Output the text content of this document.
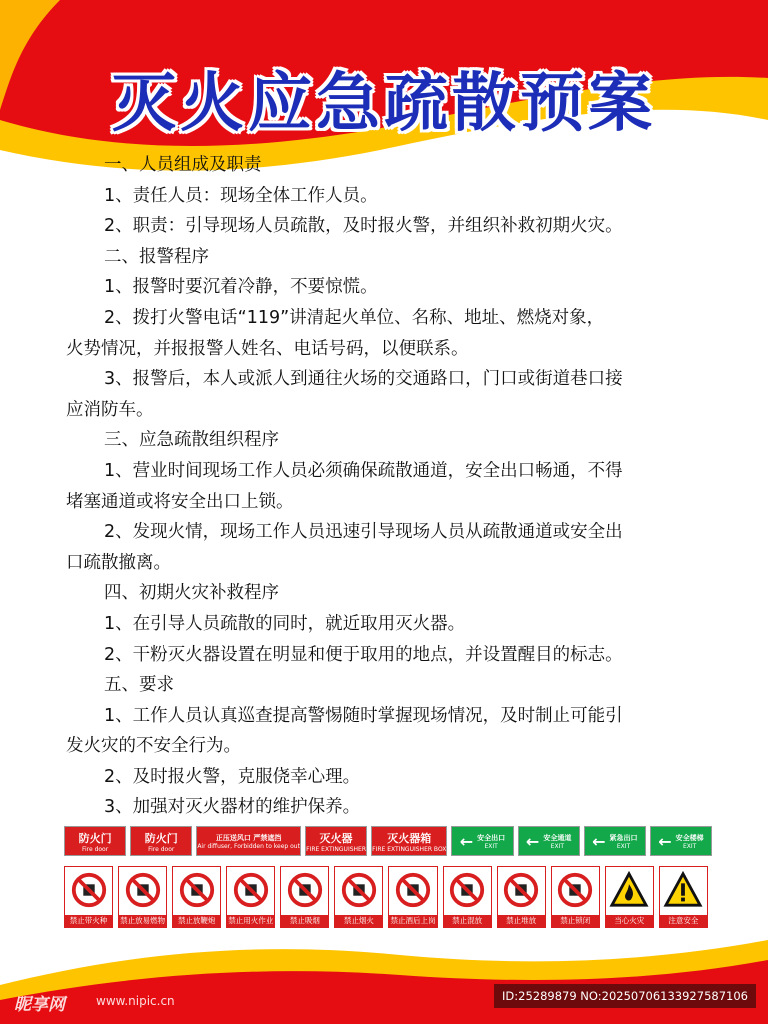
灭火应急疏散预案
一、人员组成及职责
1、责任人员：现场全体工作人员。
2、职责：引导现场人员疏散，及时报火警，并组织补救初期火灾。
二、报警程序
1、报警时要沉着冷静，不要惊慌。
2、拨打火警电话“119”讲清起火单位、名称、地址、燃烧对象，
火势情况，并报报警人姓名、电话号码，以便联系。
3、报警后，本人或派人到通往火场的交通路口，门口或街道巷口接
应消防车。
三、应急疏散组织程序
1、营业时间现场工作人员必须确保疏散通道，安全出口畅通，不得
堵塞通道或将安全出口上锁。
2、发现火情，现场工作人员迅速引导现场人员从疏散通道或安全出
口疏散撤离。
四、初期火灾补救程序
1、在引导人员疏散的同时，就近取用灭火器。
2、干粉灭火器设置在明显和便于取用的地点，并设置醒目的标志。
五、要求
1、工作人员认真巡查提高警惕随时掌握现场情况，及时制止可能引
发火灾的不安全行为。
2、及时报火警，克服侥幸心理。
3、加强对灭火器材的维护保养。
防火门
Fire door
防火门
Fire door
正压送风口 严禁遮挡
Air diffuser, Forbidden to keep out
灭火器
FIRE EXTINGUISHER
灭火器箱
FIRE EXTINGUISHER BOX ← 安全出口
EXIT ← 安全通道
EXIT ← 紧急出口
EXIT ← 安全楼梯
EXIT
禁止带火种	禁止放易燃物	禁止放鞭炮	禁止用火作业	禁止吸烟	禁止烟火	禁止酒后上岗	禁止混放	禁止堆放	禁止锁闭	当心火灾	注意安全
昵享网	www.nipic.cn	ID:25289879 NO:20250706133927587106
